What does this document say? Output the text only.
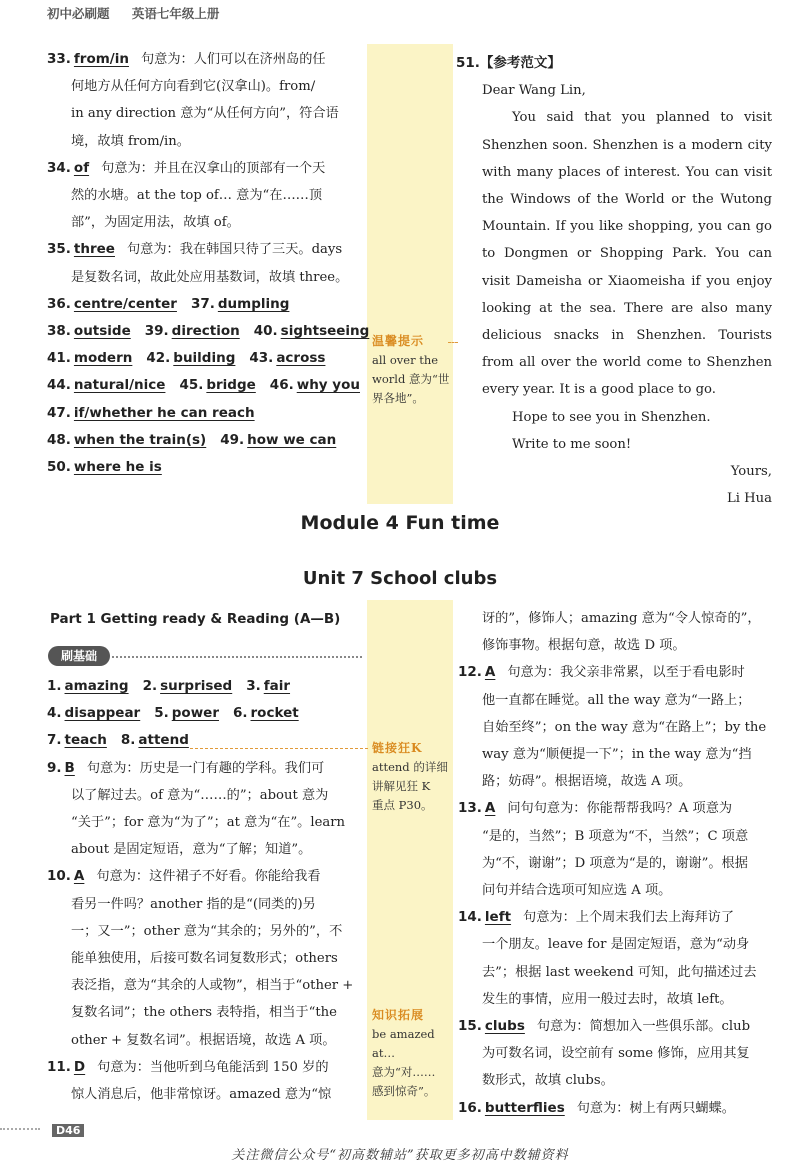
初中必刷题 英语七年级上册
33. from/in 句意为：人们可以在济州岛的任
何地方从任何方向看到它(汉拿山)。from/
in any direction 意为“从任何方向”，符合语
境，故填 from/in。
34. of 句意为：并且在汉拿山的顶部有一个天
然的水塘。at the top of… 意为“在……顶
部”，为固定用法，故填 of。
35. three 句意为：我在韩国只待了三天。days
是复数名词，故此处应用基数词，故填 three。
36. centre/center 37. dumpling
38. outside 39. direction 40. sightseeing
41. modern 42. building 43. across
44. natural/nice 45. bridge 46. why you
47. if/whether he can reach
48. when the train(s) 49. how we can
50. where he is
温馨提示
all over the
world 意为“世
界各地”。
51.【参考范文】
Dear Wang Lin,
You said that you planned to visit Shenzhen soon. Shenzhen is a modern city with many places of interest. You can visit the Windows of the World or the Wutong Mountain. If you like shopping, you can go to Dongmen or Shopping Park. You can visit Dameisha or Xiaomeisha if you enjoy looking at the sea. There are also many delicious snacks in Shenzhen. Tourists from all over the world come to Shenzhen every year. It is a good place to go.
Hope to see you in Shenzhen.
Write to me soon!
Yours,
Li Hua
Module 4 Fun time
Unit 7 School clubs
Part 1 Getting ready & Reading (A—B)
刷基础
1. amazing 2. surprised 3. fair
4. disappear 5. power 6. rocket
7. teach 8. attend
9. B 句意为：历史是一门有趣的学科。我们可
以了解过去。of 意为“……的”；about 意为
“关于”；for 意为“为了”；at 意为“在”。learn
about 是固定短语，意为“了解；知道”。
10. A 句意为：这件裙子不好看。你能给我看
看另一件吗？another 指的是“(同类的)另
一；又一”；other 意为“其余的；另外的”，不
能单独使用，后接可数名词复数形式；others
表泛指，意为“其余的人或物”，相当于“other +
复数名词”；the others 表特指，相当于“the
other + 复数名词”。根据语境，故选 A 项。
11. D 句意为：当他听到乌龟能活到 150 岁的
惊人消息后，他非常惊讶。amazed 意为“惊
链接狂K
attend 的详细
讲解见狂 K
重点 P30。
知识拓展
be amazed at…
意为“对……
感到惊奇”。
讶的”，修饰人；amazing 意为“令人惊奇的”，
修饰事物。根据句意，故选 D 项。
12. A 句意为：我父亲非常累，以至于看电影时
他一直都在睡觉。all the way 意为“一路上；
自始至终”；on the way 意为“在路上”；by the
way 意为“顺便提一下”；in the way 意为“挡
路；妨碍”。根据语境，故选 A 项。
13. A 问句句意为：你能帮帮我吗？A 项意为
“是的，当然”；B 项意为“不，当然”；C 项意
为“不，谢谢”；D 项意为“是的，谢谢”。根据
问句并结合选项可知应选 A 项。
14. left 句意为：上个周末我们去上海拜访了
一个朋友。leave for 是固定短语，意为“动身
去”；根据 last weekend 可知，此句描述过去
发生的事情，应用一般过去时，故填 left。
15. clubs 句意为：简想加入一些俱乐部。club
为可数名词，设空前有 some 修饰，应用其复
数形式，故填 clubs。
16. butterflies 句意为：树上有两只蝴蝶。
D46
关注微信公众号“初高数辅站”获取更多初高中数辅资料
